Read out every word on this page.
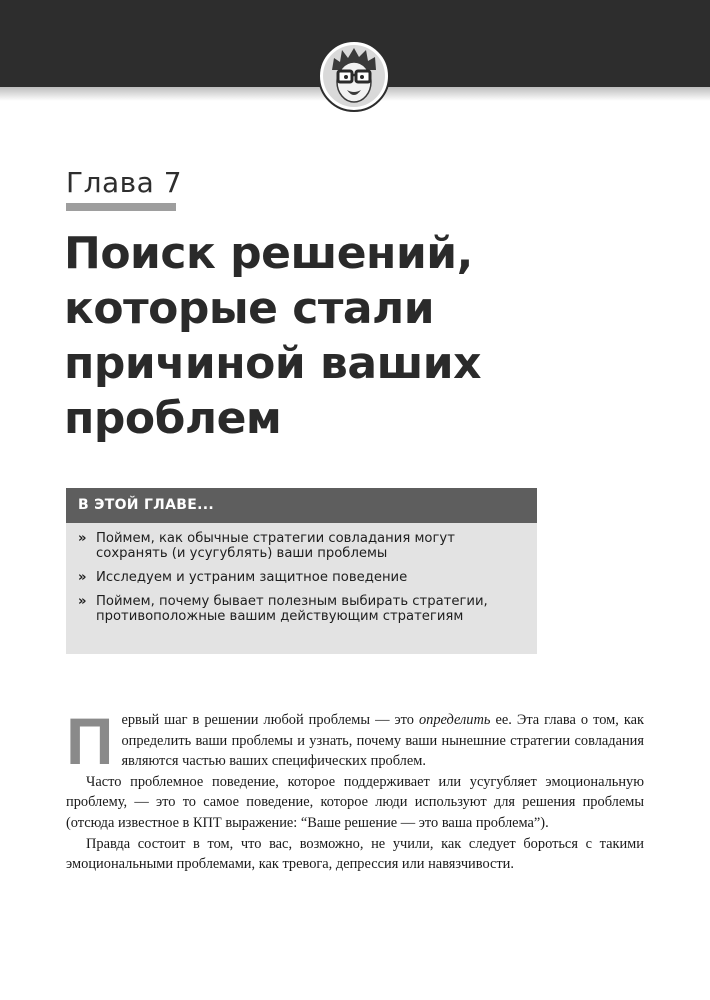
Глава 7
Поиск решений,
которые стали
причиной ваших
проблем
В ЭТОЙ ГЛАВЕ...
» Поймем, как обычные стратегии совладания могут
сохранять (и усугублять) ваши проблемы
» Исследуем и устраним защитное поведение
» Поймем, почему бывает полезным выбирать стратегии,
противоположные вашим действующим стратегиям

Первый шаг в решении любой проблемы — это определить ее. Эта глава о том, как определить ваши проблемы и узнать, почему ваши нынешние стратегии совладания являются частью ваших специфических проблем.

Часто проблемное поведение, которое поддерживает или усугубляет эмоциональную проблему, — это то самое поведение, которое люди используют для решения проблемы (отсюда известное в КПТ выражение: “Ваше решение — это ваша проблема”).

Правда состоит в том, что вас, возможно, не учили, как следует бороться с такими эмоциональными проблемами, как тревога, депрессия или навязчивости.
